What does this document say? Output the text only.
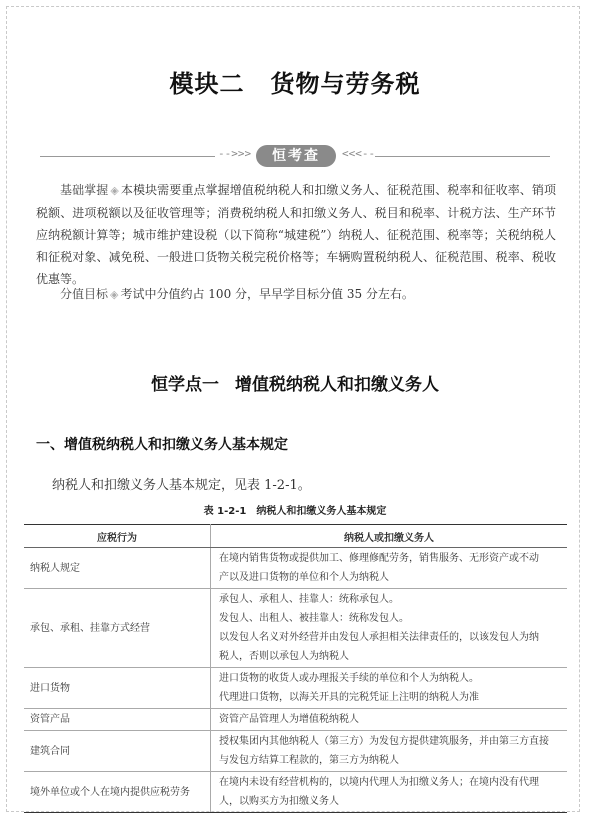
模块二 货物与劳务税
-->>>	恒考查	<<<--
基础掌握 ◈ 本模块需要重点掌握增值税纳税人和扣缴义务人、征税范围、税率和征收率、销项税额、进项税额以及征收管理等；消费税纳税人和扣缴义务人、税目和税率、计税方法、生产环节应纳税额计算等；城市维护建设税（以下简称“城建税”）纳税人、征税范围、税率等；关税纳税人和征税对象、减免税、一般进口货物关税完税价格等；车辆购置税纳税人、征税范围、税率、税收优惠等。
分值目标 ◈ 考试中分值约占 100 分，早早学目标分值 35 分左右。
恒学点一 增值税纳税人和扣缴义务人
一、增值税纳税人和扣缴义务人基本规定
纳税人和扣缴义务人基本规定，见表 1-2-1。
表 1-2-1 纳税人和扣缴义务人基本规定
应税行为	纳税人或扣缴义务人
纳税人规定	在境内销售货物或提供加工、修理修配劳务，销售服务、无形资产或不动
产以及进口货物的单位和个人为纳税人

承包、承租、挂靠方式经营	承包人、承租人、挂靠人：统称承包人。
发包人、出租人、被挂靠人：统称发包人。
以发包人名义对外经营并由发包人承担相关法律责任的，以该发包人为纳
税人，否则以承包人为纳税人

进口货物	进口货物的收货人或办理报关手续的单位和个人为纳税人。
代理进口货物，以海关开具的完税凭证上注明的纳税人为准

资管产品	资管产品管理人为增值税纳税人

建筑合同	授权集团内其他纳税人（第三方）为发包方提供建筑服务，并由第三方直接
与发包方结算工程款的，第三方为纳税人

境外单位或个人在境内提供应税劳务	在境内未设有经营机构的，以境内代理人为扣缴义务人；在境内没有代理
人，以购买方为扣缴义务人
